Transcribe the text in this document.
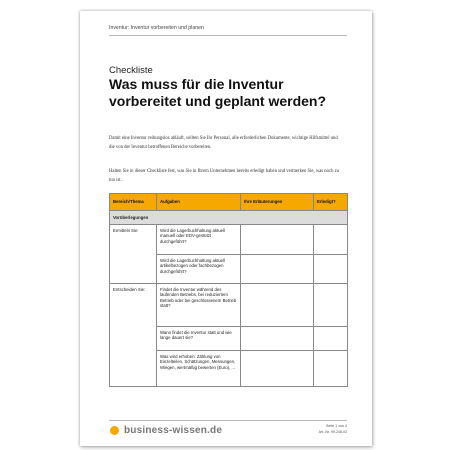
Inventur: Inventur vorbereiten und planen
Checkliste
Was muss für die Inventur vorbereitet und geplant werden?

Damit eine Inventur reibungslos abläuft, sollten Sie Ihr Personal, alle erforderlichen Dokumente, wichtige Hilfsmittel und die von der Inventur betroffenen Bereiche vorbereiten.

Halten Sie in dieser Checkliste fest, was Sie in Ihrem Unternehmen bereits erledigt haben und vermerken Sie, was noch zu tun ist.

Bereich/Thema	Aufgaben	Ihre Erläuterungen	Erledigt?
Vorüberlegungen			
Ermitteln Sie:	Wird die Lagerbuchhaltung aktuell manuell oder EDV-gestützt durchgeführt?		
	Wird die Lagerbuchhaltung aktuell artikelbezogen oder fachbezogen durchgeführt?		
Entscheiden Sie:	Findet die Inventur während des laufenden Betriebs, bei reduziertem Betrieb oder bei geschlossenem Betrieb statt?		
	Wann findet die Inventur statt und wie lange dauert sie?		
	Was wird erhoben: Zählung von Einzelteilen, Schätzungen, Messungen, Wiegen, wertmäßig bewerten (Euro), ...		
business-wissen.de	Seite 1 von 4
Art.-Nr. 99.248.03
